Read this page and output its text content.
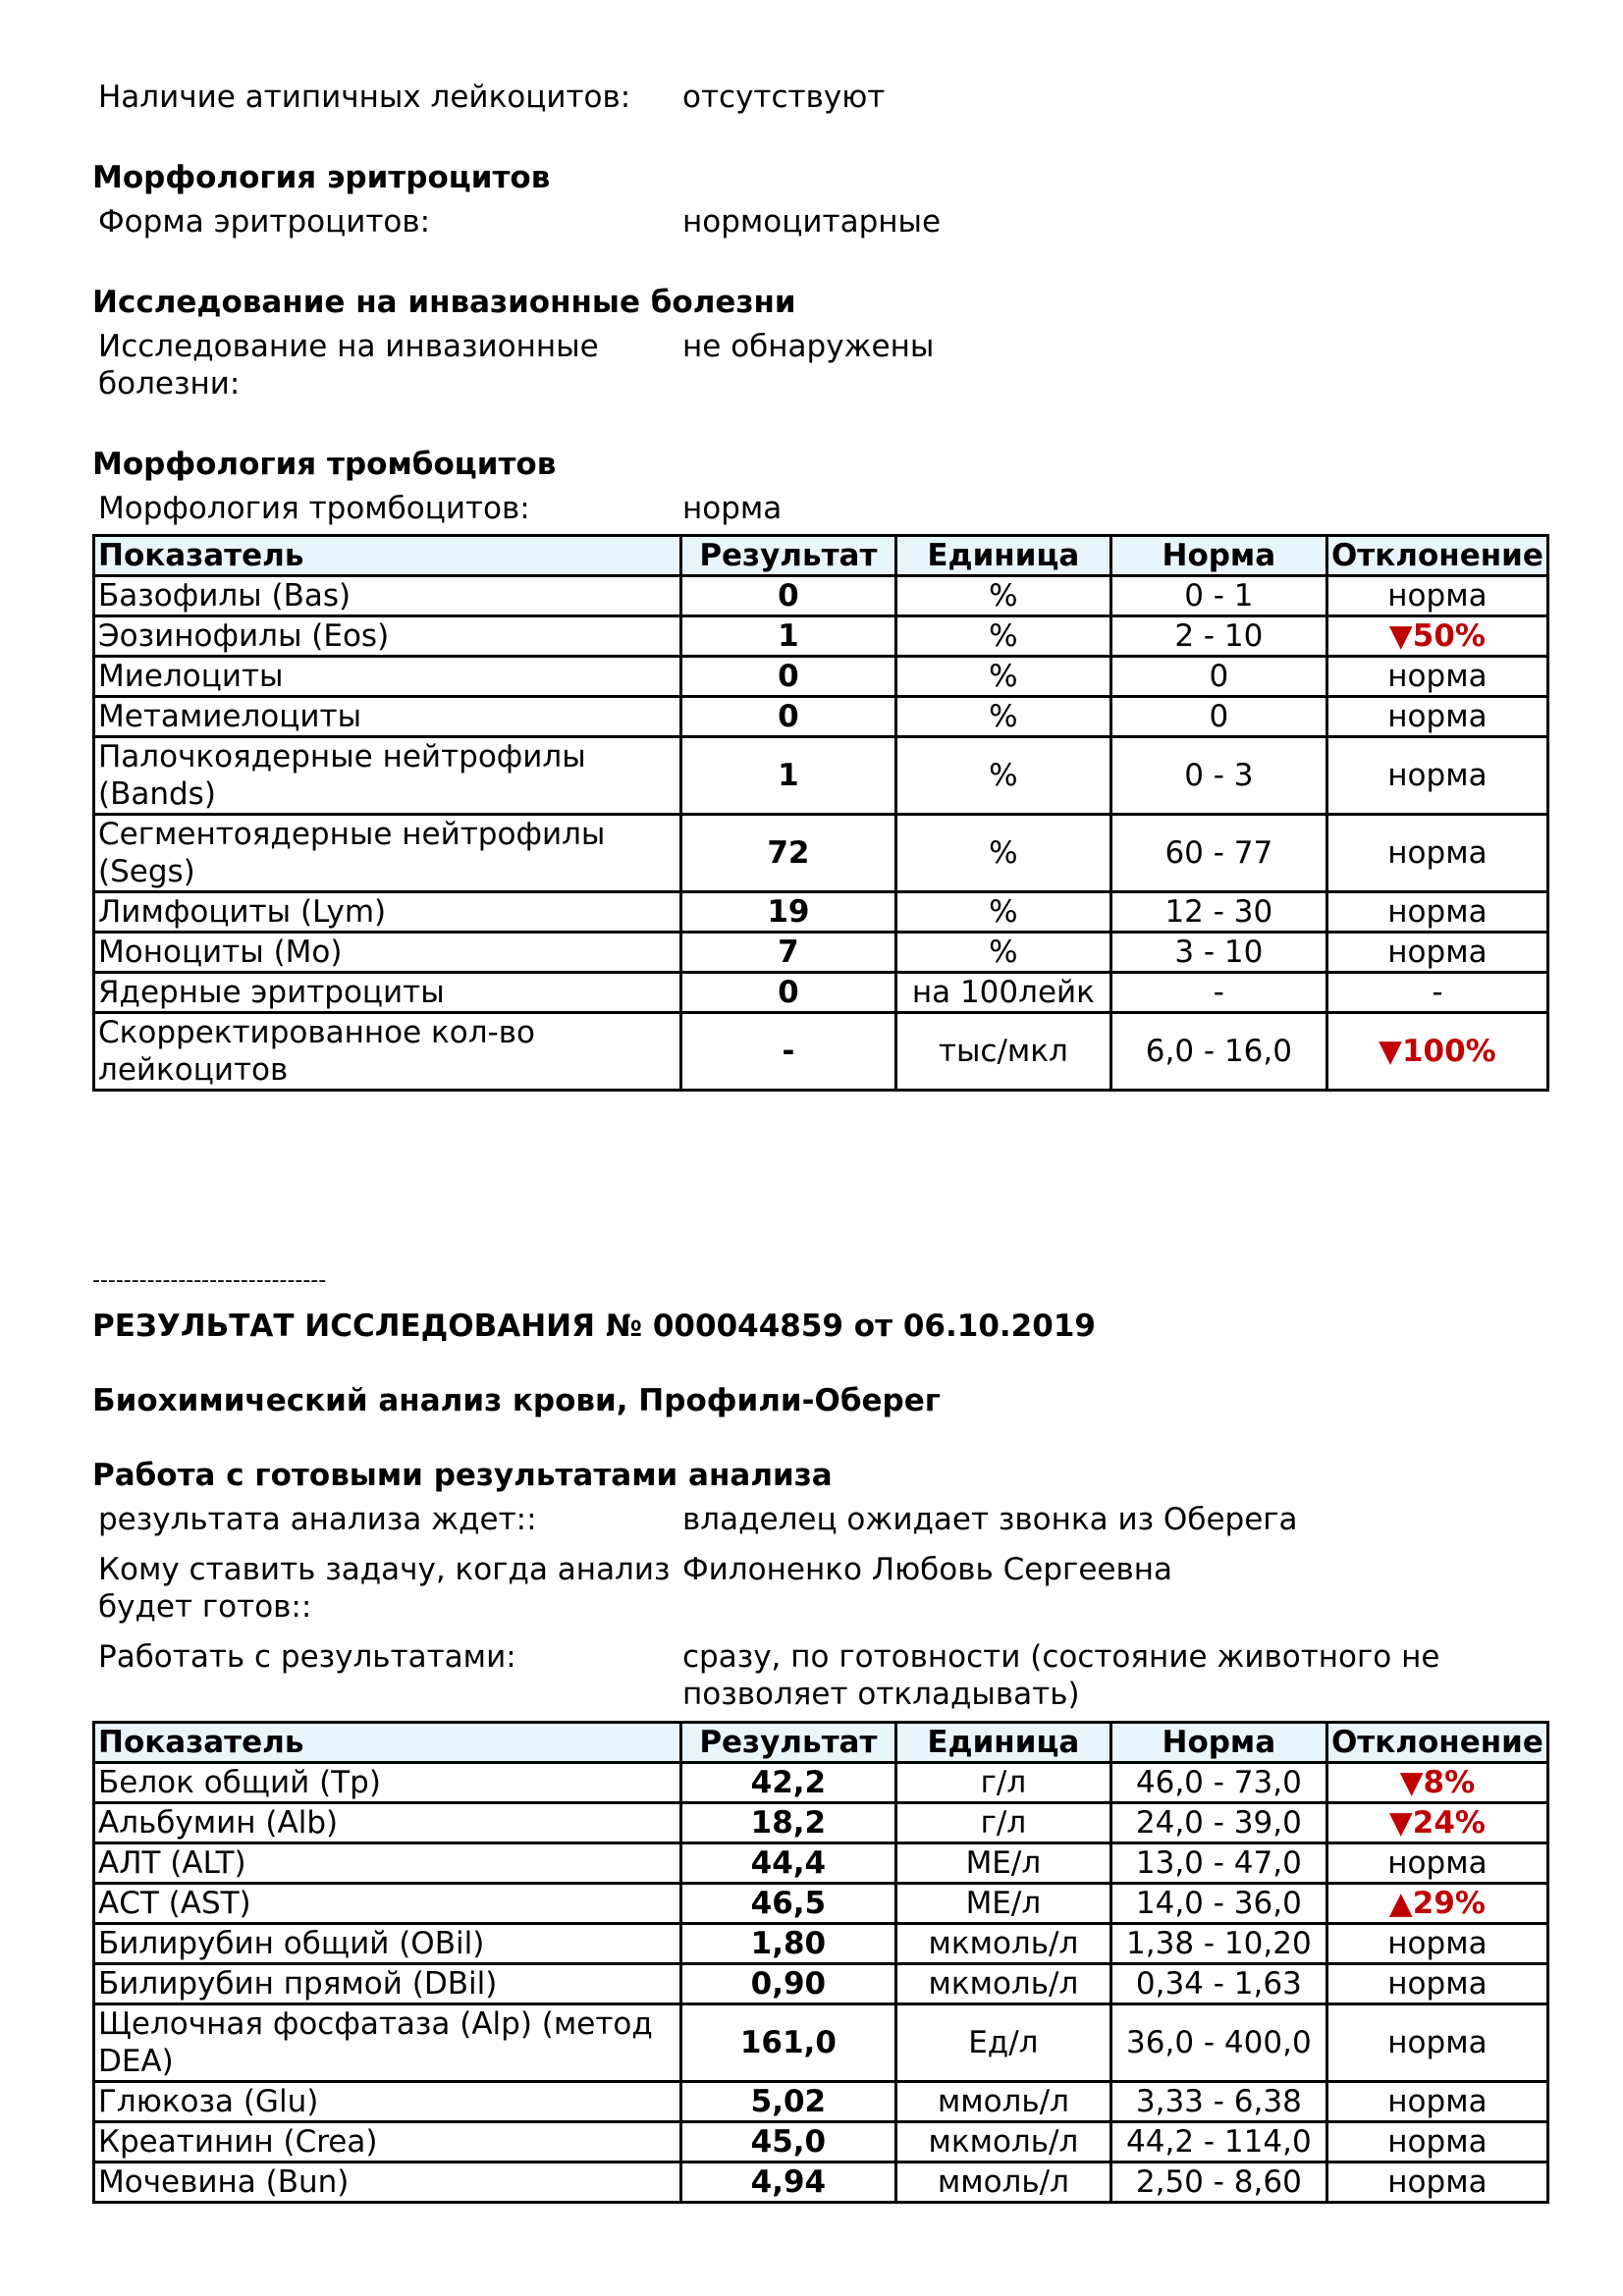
Наличие атипичных лейкоцитов:	отсутствуют
Морфология эритроцитов
Форма эритроцитов:	нормоцитарные
Исследование на инвазионные болезни
Исследование на инвазионные болезни:
не обнаружены
Морфология тромбоцитов
Морфология тромбоцитов:	норма
Показатель	Результат	Единица	Норма	Отклонение
Базофилы (Bas)	0	%	0 - 1	норма
Эозинофилы (Eos)	1	%	2 - 10	▼50%
Миелоциты	0	%	0	норма
Метамиелоциты	0	%	0	норма
Палочкоядерные нейтрофилы (Bands)	1	%	0 - 3	норма
Сегментоядерные нейтрофилы (Segs)	72	%	60 - 77	норма
Лимфоциты (Lym)	19	%	12 - 30	норма
Моноциты (Mo)	7	%	3 - 10	норма
Ядерные эритроциты	0	на 100лейк	-	-
Скорректированное кол-во лейкоцитов	-	тыс/мкл	6,0 - 16,0	▼100%
------------------------------
РЕЗУЛЬТАТ ИССЛЕДОВАНИЯ № 000044859 от 06.10.2019
Биохимический анализ крови, Профили-Оберег
Работа с готовыми результатами анализа
результата анализа ждет::	владелец ожидает звонка из Оберега
Кому ставить задачу, когда анализ будет готов::
Филоненко Любовь Сергеевна
Работать с результатами:	сразу, по готовности (состояние животного не позволяет откладывать)
Показатель	Результат	Единица	Норма	Отклонение
Белок общий (Tp)	42,2	г/л	46,0 - 73,0	▼8%
Альбумин (Alb)	18,2	г/л	24,0 - 39,0	▼24%
АЛТ (ALT)	44,4	МЕ/л	13,0 - 47,0	норма
АСТ (AST)	46,5	МЕ/л	14,0 - 36,0	▲29%
Билирубин общий (OBil)	1,80	мкмоль/л	1,38 - 10,20	норма
Билирубин прямой (DBil)	0,90	мкмоль/л	0,34 - 1,63	норма
Щелочная фосфатаза (Alp) (метод DEA)	161,0	Ед/л	36,0 - 400,0	норма
Глюкоза (Glu)	5,02	ммоль/л	3,33 - 6,38	норма
Креатинин (Crea)	45,0	мкмоль/л	44,2 - 114,0	норма
Мочевина (Bun)	4,94	ммоль/л	2,50 - 8,60	норма
